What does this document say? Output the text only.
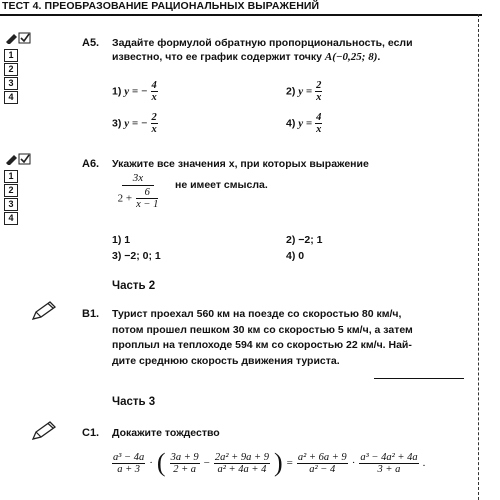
ТЕСТ 4. ПРЕОБРАЗОВАНИЕ РАЦИОНАЛЬНЫХ ВЫРАЖЕНИЙ
1
2
3
4
А5. Задайте формулой обратную пропорциональность, если
известно, что ее график содержит точку A(−0,25; 8).
1) y = − $\frac{4}{x}$	2) $y = \frac{2}{x}$
3) y = − $\frac{2}{x}$	4) $y = \frac{4}{x}$
1
2
3
4
А6. Укажите все значения x, при которых выражение
3x
$2 + \frac{6}{x - 1}$
не имеет смысла.
1) 1	2) −2; 1
3) −2; 0; 1	4) 0
Часть 2
В1. Турист проехал 560 км на поезде со скоростью 80 км/ч,
потом прошел пешком 30 км со скоростью 5 км/ч, а затем
проплыл на теплоходе 594 км со скоростью 22 км/ч. Най-
дите среднюю скорость движения туриста.
Часть 3
С1. Докажите тождество
$\frac{\text{a³ − 4a}}{a + 3}$ · ( $\frac{3a + 9}{2 + a} - \frac{\text{2a² + 9a + 9}}{\text{a² + 4a + 4}}$ ) = $\frac{\text{a² + 6a + 9}}{\text{a² − 4}} \cdot \frac{\text{a³ − 4a² + 4a}}{3 + a}$ .
